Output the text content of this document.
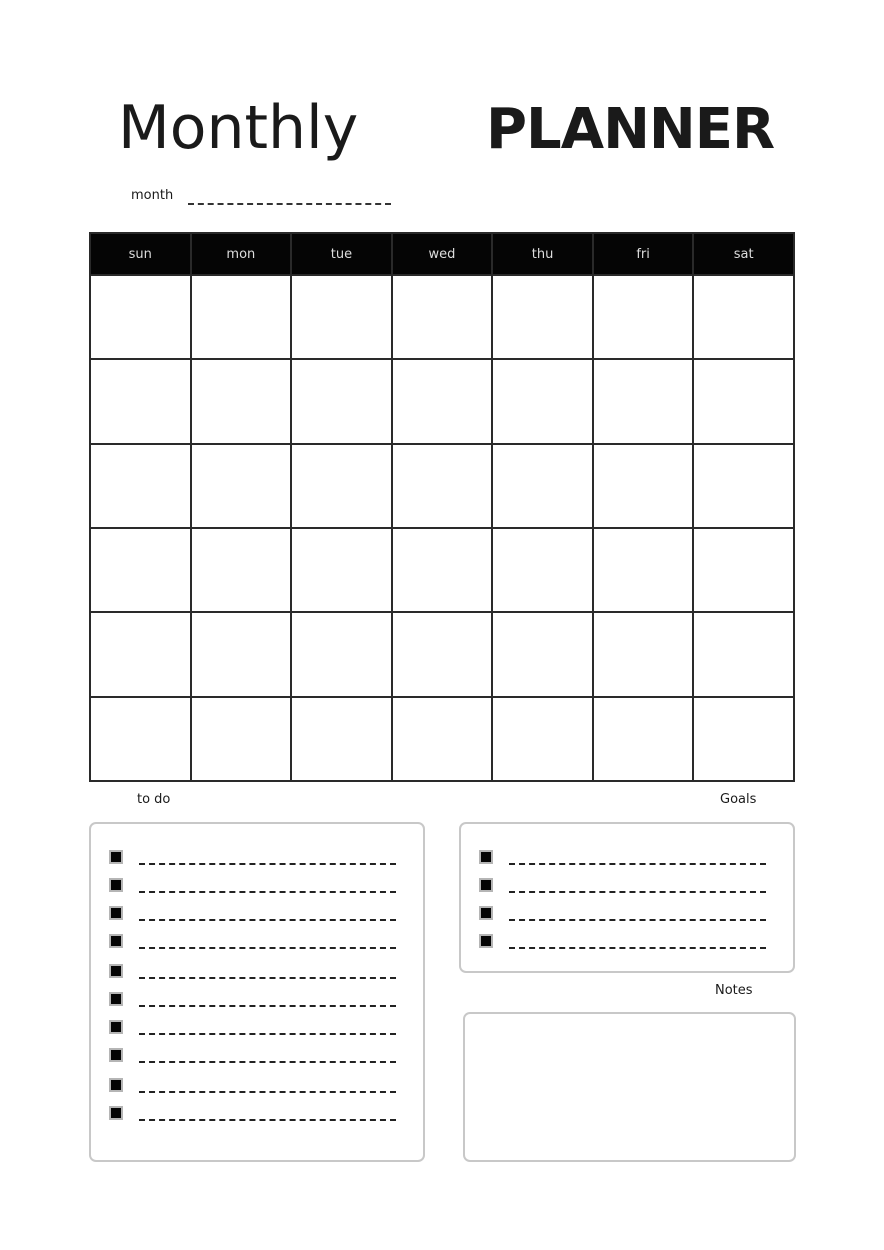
Monthly PLANNER
month
sun	mon	tue	wed	thu	fri	sat

to do	Goals
Notes
